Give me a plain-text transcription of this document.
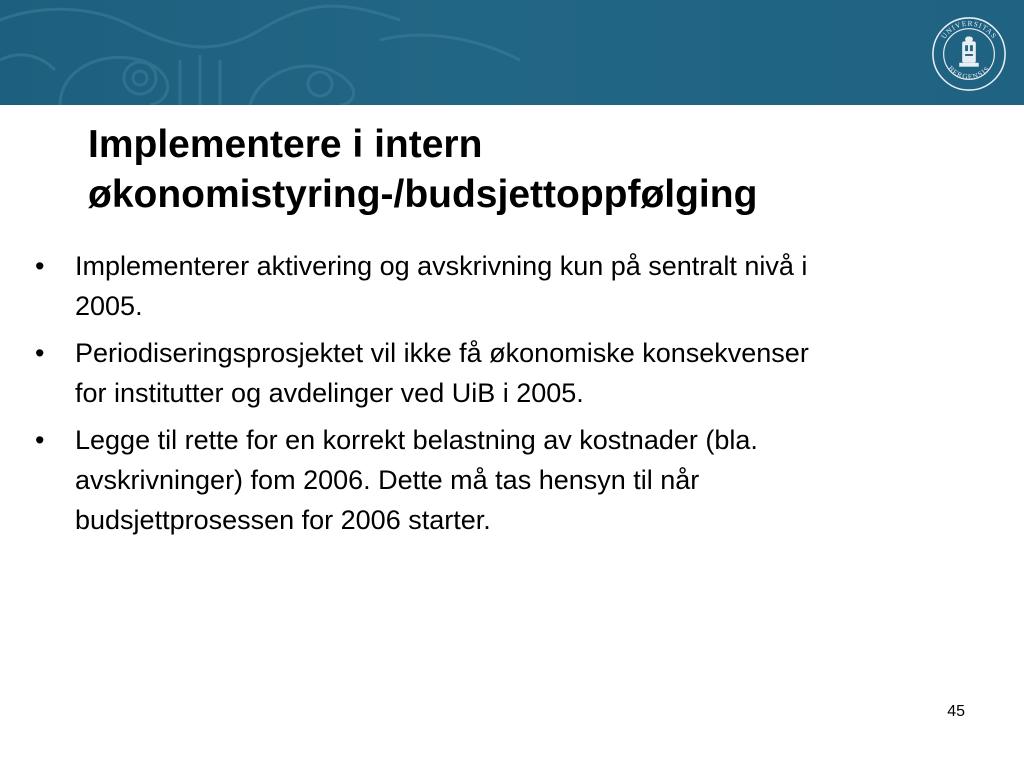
UNIVERSITAS
BERGENSIS
Implementere i intern
økonomistyring-/budsjettoppfølging
•	Implementerer aktivering og avskrivning kun på sentralt nivå i
2005.
•	Periodiseringsprosjektet vil ikke få økonomiske konsekvenser
for institutter og avdelinger ved UiB i 2005.
•	Legge til rette for en korrekt belastning av kostnader (bla.
avskrivninger) fom 2006. Dette må tas hensyn til når
budsjettprosessen for 2006 starter.
45
